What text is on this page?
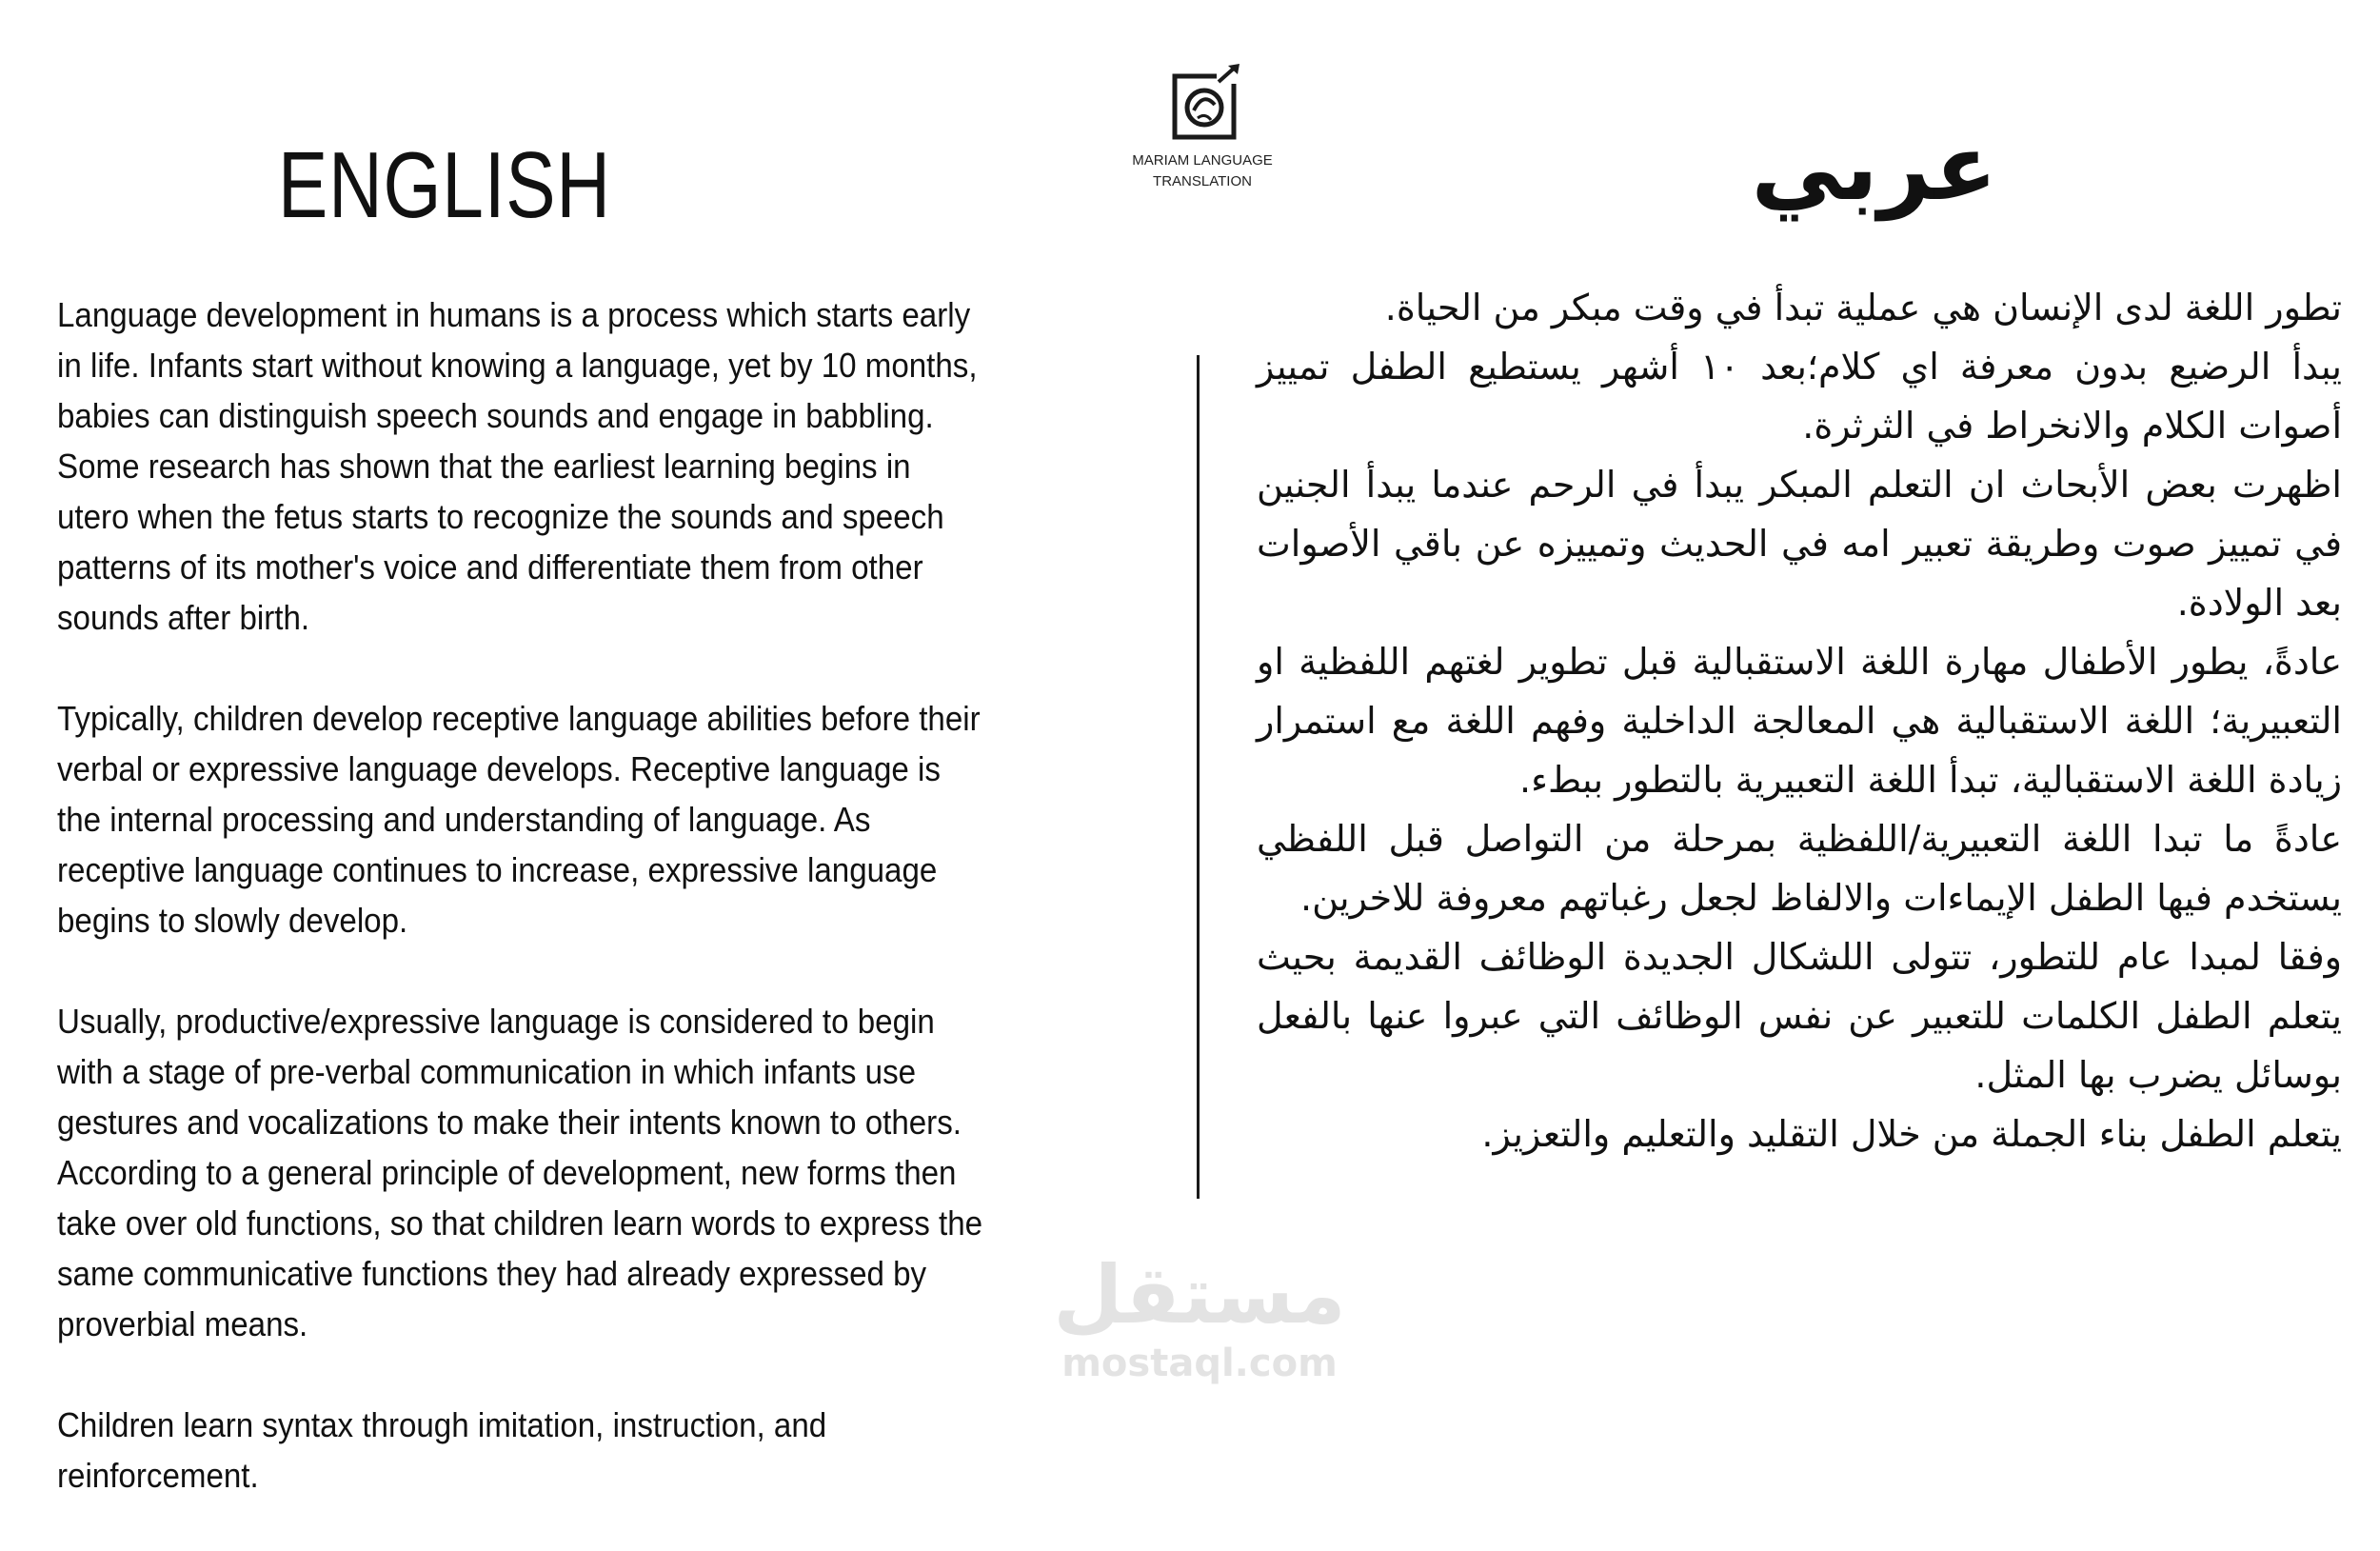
ENGLISH	MARIAM LANGUAGE
TRANSLATION	عربي

Language development in humans is a process which starts early in life. Infants start without knowing a language, yet by 10 months, babies can distinguish speech sounds and engage in babbling. Some research has shown that the earliest learning begins in utero when the fetus starts to recognize the sounds and speech patterns of its mother's voice and differentiate them from other sounds after birth.

Typically, children develop receptive language abilities before their verbal or expressive language develops. Receptive language is the internal processing and understanding of language. As receptive language continues to increase, expressive language begins to slowly develop.

Usually, productive/expressive language is considered to begin with a stage of pre-verbal communication in which infants use gestures and vocalizations to make their intents known to others. According to a general principle of development, new forms then take over old functions, so that children learn words to express the same communicative functions they had already expressed by proverbial means.

Children learn syntax through imitation, instruction, and reinforcement.

تطور اللغة لدى الإنسان هي عملية تبدأ في وقت مبكر من الحياة.

يبدأ الرضيع بدون معرفة اي كلام؛بعد ١٠ أشهر يستطيع الطفل تمييز أصوات الكلام والانخراط في الثرثرة.

اظهرت بعض الأبحاث ان التعلم المبكر يبدأ في الرحم عندما يبدأ الجنين في تمييز صوت وطريقة تعبير امه في الحديث وتمييزه عن باقي الأصوات بعد الولادة.

عادةً، يطور الأطفال مهارة اللغة الاستقبالية قبل تطوير لغتهم اللفظية او التعبيرية؛ اللغة الاستقبالية هي المعالجة الداخلية وفهم اللغة مع استمرار زيادة اللغة الاستقبالية، تبدأ اللغة التعبيرية بالتطور ببطء.

عادةً ما تبدا اللغة التعبيرية/اللفظية بمرحلة من التواصل قبل اللفظي يستخدم فيها الطفل الإيماءات والالفاظ لجعل رغباتهم معروفة للاخرين.

وفقا لمبدا عام للتطور، تتولى اللشكال الجديدة الوظائف القديمة بحيث يتعلم الطفل الكلمات للتعبير عن نفس الوظائف التي عبروا عنها بالفعل بوسائل يضرب بها المثل.

يتعلم الطفل بناء الجملة من خلال التقليد والتعليم والتعزيز.

مستقل
mostaql.com
